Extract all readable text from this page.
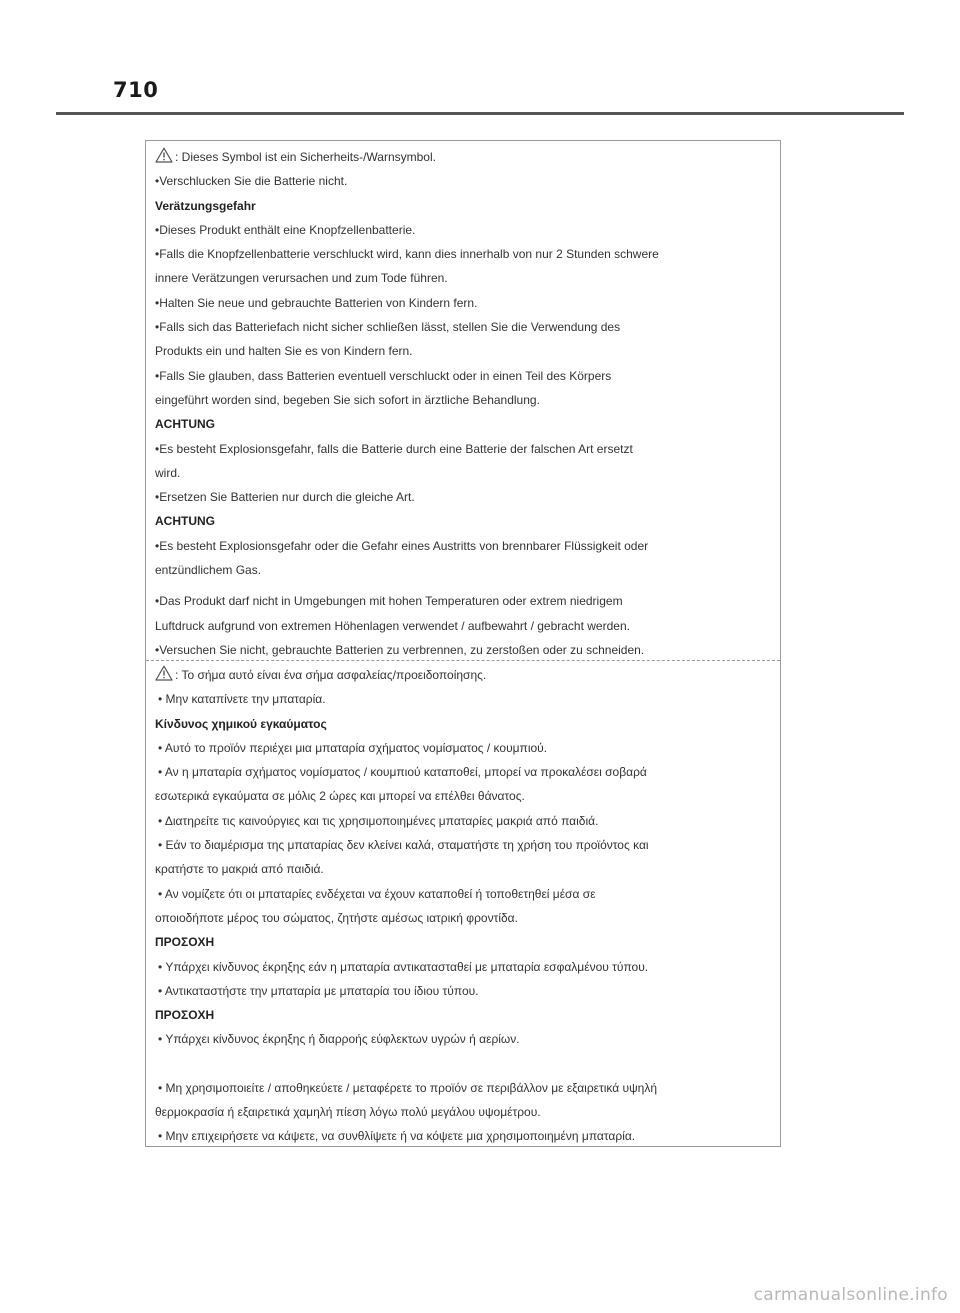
710
: Dieses Symbol ist ein Sicherheits-/Warnsymbol.
•Verschlucken Sie die Batterie nicht.
Verätzungsgefahr
•Dieses Produkt enthält eine Knopfzellenbatterie.
•Falls die Knopfzellenbatterie verschluckt wird, kann dies innerhalb von nur 2 Stunden schwere
innere Verätzungen verursachen und zum Tode führen.
•Halten Sie neue und gebrauchte Batterien von Kindern fern.
•Falls sich das Batteriefach nicht sicher schließen lässt, stellen Sie die Verwendung des
Produkts ein und halten Sie es von Kindern fern.
•Falls Sie glauben, dass Batterien eventuell verschluckt oder in einen Teil des Körpers
eingeführt worden sind, begeben Sie sich sofort in ärztliche Behandlung.
ACHTUNG
•Es besteht Explosionsgefahr, falls die Batterie durch eine Batterie der falschen Art ersetzt
wird.
•Ersetzen Sie Batterien nur durch die gleiche Art.
ACHTUNG
•Es besteht Explosionsgefahr oder die Gefahr eines Austritts von brennbarer Flüssigkeit oder
entzündlichem Gas.
•Das Produkt darf nicht in Umgebungen mit hohen Temperaturen oder extrem niedrigem
Luftdruck aufgrund von extremen Höhenlagen verwendet / aufbewahrt / gebracht werden.
•Versuchen Sie nicht, gebrauchte Batterien zu verbrennen, zu zerstoßen oder zu schneiden.
: Το σήμα αυτό είναι ένα σήμα ασφαλείας/προειδοποίησης.
• Μην καταπίνετε την μπαταρία.
Κίνδυνος χημικού εγκαύματος
• Αυτό το προϊόν περιέχει μια μπαταρία σχήματος νομίσματος / κουμπιού.
• Αν η μπαταρία σχήματος νομίσματος / κουμπιού καταποθεί, μπορεί να προκαλέσει σοβαρά
εσωτερικά εγκαύματα σε μόλις 2 ώρες και μπορεί να επέλθει θάνατος.
• Διατηρείτε τις καινούργιες και τις χρησιμοποιημένες μπαταρίες μακριά από παιδιά.
• Εάν το διαμέρισμα της μπαταρίας δεν κλείνει καλά, σταματήστε τη χρήση του προϊόντος και
κρατήστε το μακριά από παιδιά.
• Αν νομίζετε ότι οι μπαταρίες ενδέχεται να έχουν καταποθεί ή τοποθετηθεί μέσα σε
οποιοδήποτε μέρος του σώματος, ζητήστε αμέσως ιατρική φροντίδα.
ΠΡΟΣΟΧΗ
• Υπάρχει κίνδυνος έκρηξης εάν η μπαταρία αντικατασταθεί με μπαταρία εσφαλμένου τύπου.
• Αντικαταστήστε την μπαταρία με μπαταρία του ίδιου τύπου.
ΠΡΟΣΟΧΗ
• Υπάρχει κίνδυνος έκρηξης ή διαρροής εύφλεκτων υγρών ή αερίων.
• Μη χρησιμοποιείτε / αποθηκεύετε / μεταφέρετε το προϊόν σε περιβάλλον με εξαιρετικά υψηλή
θερμοκρασία ή εξαιρετικά χαμηλή πίεση λόγω πολύ μεγάλου υψομέτρου.
• Μην επιχειρήσετε να κάψετε, να συνθλίψετε ή να κόψετε μια χρησιμοποιημένη μπαταρία.
carmanualsonline.info
